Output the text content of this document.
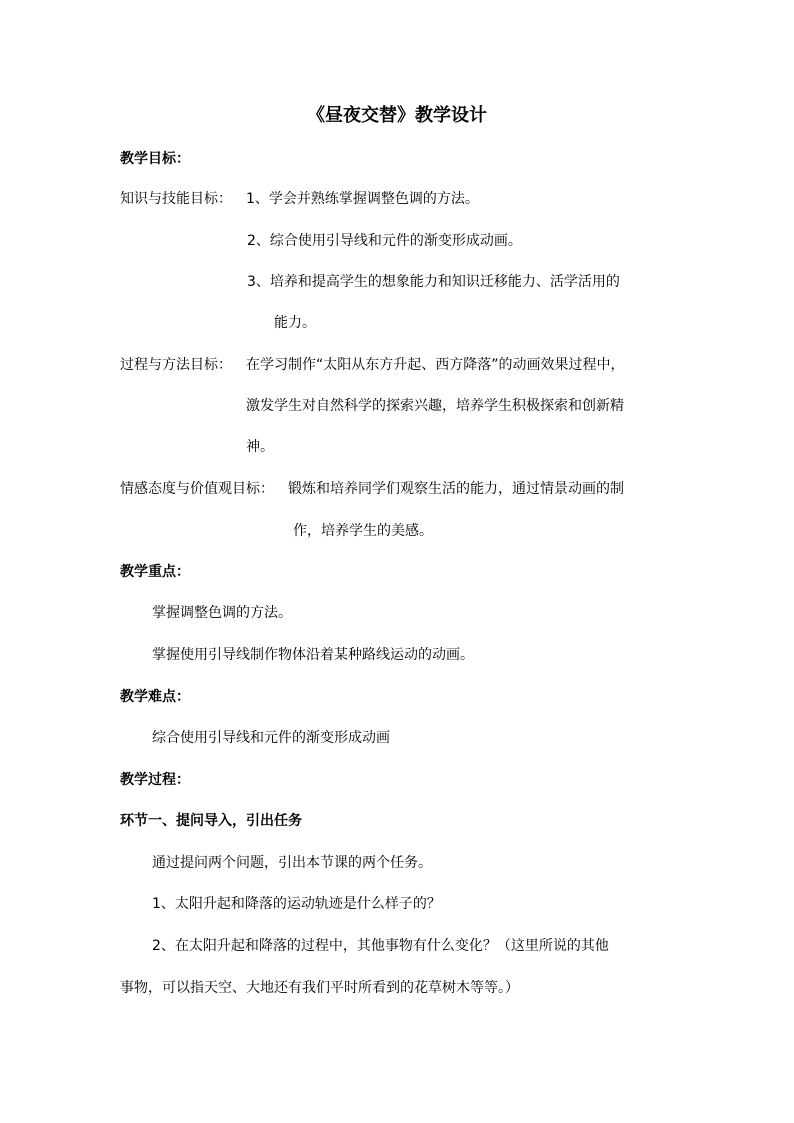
《昼夜交替》教学设计

教学目标：

知识与技能目标： 1、学会并熟练掌握调整色调的方法。

2、综合使用引导线和元件的渐变形成动画。

3、培养和提高学生的想象能力和知识迁移能力、活学活用的

能力。

过程与方法目标： 在学习制作“太阳从东方升起、西方降落”的动画效果过程中，

激发学生对自然科学的探索兴趣，培养学生积极探索和创新精

神。

情感态度与价值观目标： 锻炼和培养同学们观察生活的能力，通过情景动画的制

作，培养学生的美感。

教学重点：

掌握调整色调的方法。

掌握使用引导线制作物体沿着某种路线运动的动画。

教学难点：

综合使用引导线和元件的渐变形成动画

教学过程：

环节一、提问导入，引出任务

通过提问两个问题，引出本节课的两个任务。

1、太阳升起和降落的运动轨迹是什么样子的？

2、在太阳升起和降落的过程中，其他事物有什么变化？（这里所说的其他

事物，可以指天空、大地还有我们平时所看到的花草树木等等。）
